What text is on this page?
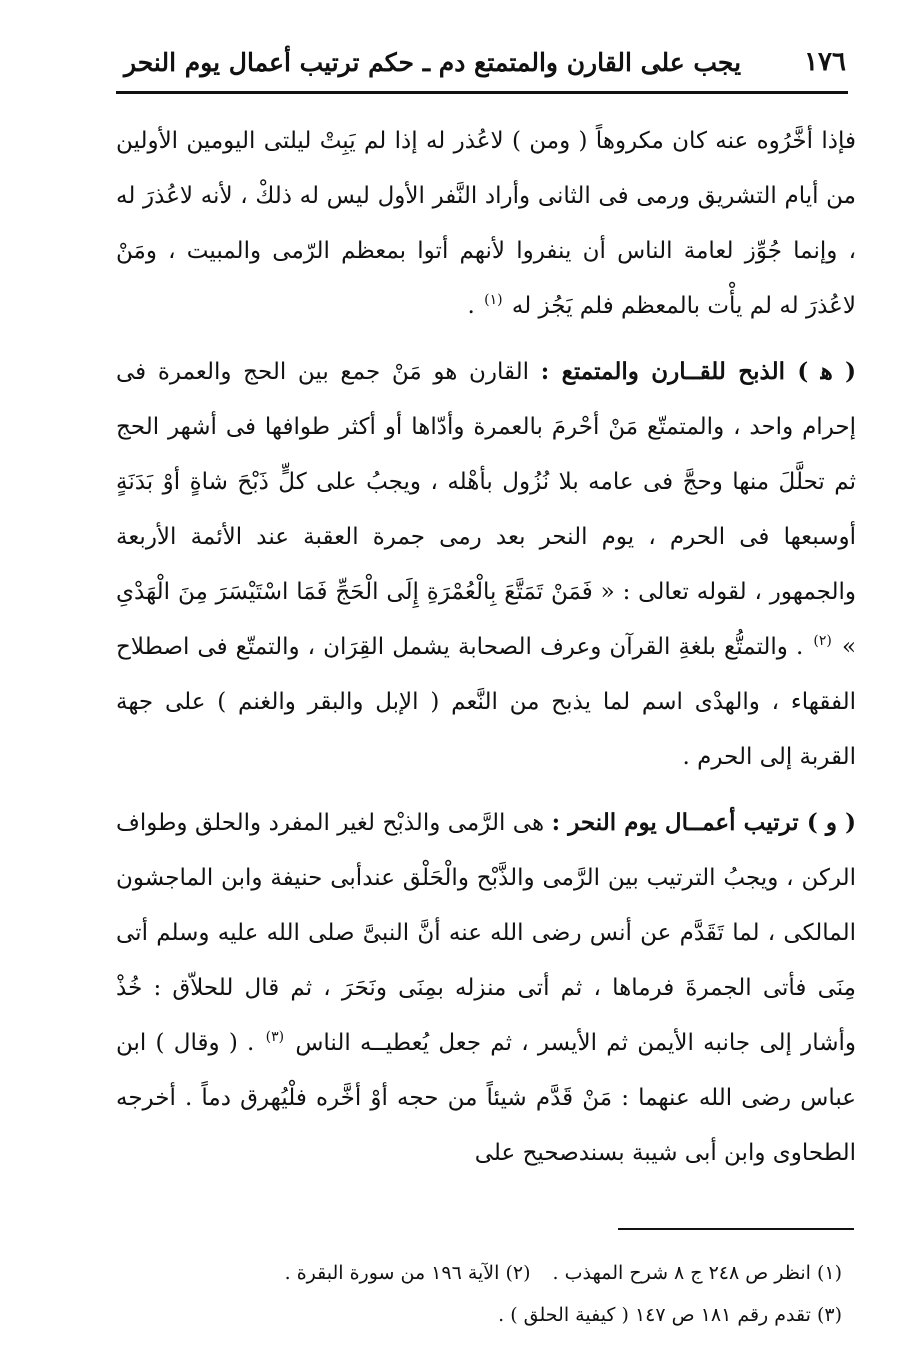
١٧٦
يجب على القارن والمتمتع دم ـ حكم ترتيب أعمال يوم النحر

فإذا أخَّرُوه عنه كان مكروهاً ( ومن ) لاعُذر له إذا لم يَبِتْ ليلتى اليومين الأولين من أيام التشريق ورمى فى الثانى وأراد النَّفر الأول ليس له ذلكْ ، لأنه لاعُذرَ له ، وإنما جُوِّز لعامة الناس أن ينفروا لأنهم أتوا بمعظم الرّمى والمبيت ، ومَنْ لاعُذرَ له لم يأْت بالمعظم فلم يَجُز له $^{(١)}$ .

( ﻫ ) الذبح للقــارن والمتمتع : القارن هو مَنْ جمع بين الحج والعمرة فى إحرام واحد ، والمتمتّع مَنْ أحْرمَ بالعمرة وأدّاها أو أكثر طوافها فى أشهر الحج ثم تحلَّلَ منها وحجَّ فى عامه بلا نُزُول بأهْله ، ويجبُ على كلٍّ ذَبْحَ شاةٍ أوْ بَدَنَةٍ أوسبعها فى الحرم ، يوم النحر بعد رمى جمرة العقبة عند الأئمة الأربعة والجمهور ، لقوله تعالى : « فَمَنْ تَمَتَّعَ بِالْعُمْرَةِ إِلَى الْحَجِّ فَمَا اسْتَيْسَرَ مِنَ الْهَدْىِ » $^{(٢)}$ . والتمتُّع بلغةِ القرآن وعرف الصحابة يشمل القِرَان ، والتمتّع فى اصطلاح الفقهاء ، والهدْى اسم لما يذبح من النَّعم ( الإبل والبقر والغنم ) على جهة القربة إلى الحرم .

( و ) ترتيب أعمــال يوم النحر : هى الرَّمى والذبْح لغير المفرد والحلق وطواف الركن ، ويجبُ الترتيب بين الرَّمى والذَّبْح والْحَلْق عندأبى حنيفة وابن الماجشون المالكى ، لما تَقَدَّم عن أنس رضى الله عنه أنَّ النبىَّ صلى الله عليه وسلم أتى مِنَى فأتى الجمرةَ فرماها ، ثم أتى منزله بمِنَى ونَحَرَ ، ثم قال للحلاّق : خُذْ وأشار إلى جانبه الأيمن ثم الأيسر ، ثم جعل يُعطيــه الناس $^{(٣)}$ . ( وقال ) ابن عباس رضى الله عنهما : مَنْ قَدَّم شيئاً من حجه أوْ أخَّره فلْيُهرق دماً . أخرجه الطحاوى وابن أبى شيبة بسندصحيح على

(١) انظر ص ٢٤٨ ج ٨ شرح المهذب .(٢) الآية ١٩٦ من سورة البقرة .
(٣) تقدم رقم ١٨١ ص ١٤٧ ( كيفية الحلق ) .
